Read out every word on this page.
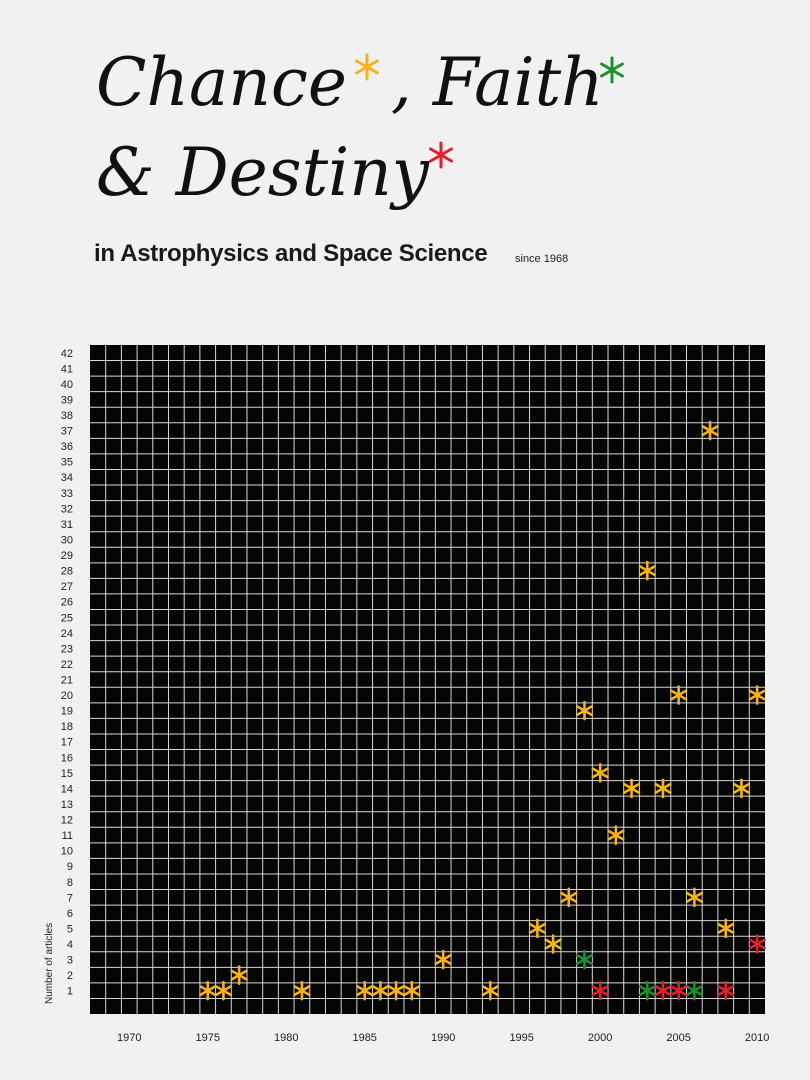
Chance , Faith
& Destiny
in Astrophysics and Space Science	since 1968
1
2
3
4
5
6
7
8
9
10
11
12
13
14
15
16
17
18
19
20
21
22
23
24
25
26
27
28
29
30
31
32
33
34
35
36
37
38
39
40
41
42
1970	1975	1980	1985	1990	1995	2000	2005	2010
Number of articles
